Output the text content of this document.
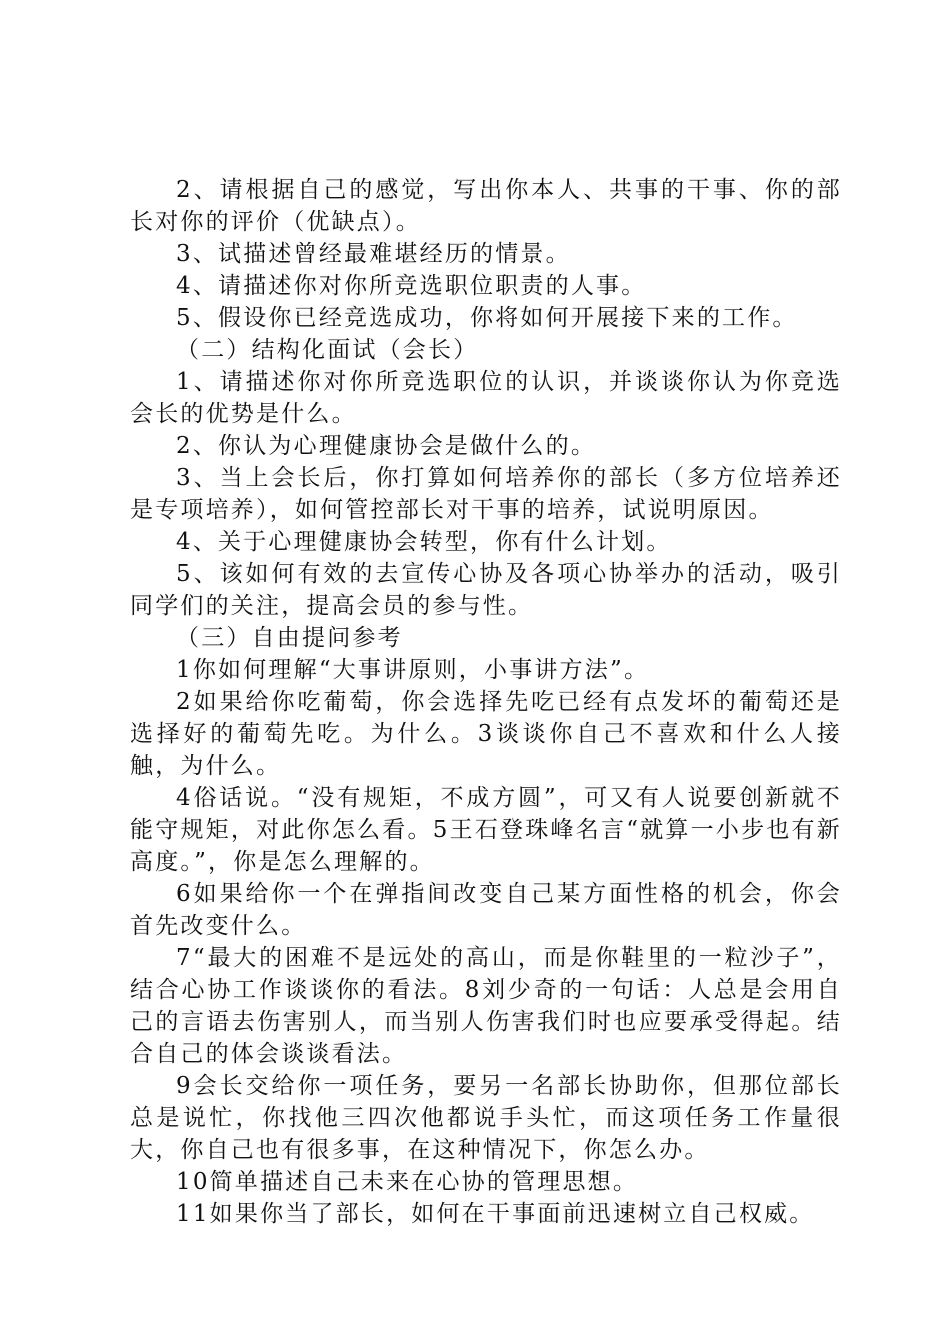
2、请根据自己的感觉，写出你本人、共事的干事、你的部长对你的评价（优缺点）。

3、试描述曾经最难堪经历的情景。

4、请描述你对你所竞选职位职责的人事。

5、假设你已经竞选成功，你将如何开展接下来的工作。

（二）结构化面试（会长）

1、请描述你对你所竞选职位的认识，并谈谈你认为你竞选会长的优势是什么。

2、你认为心理健康协会是做什么的。

3、当上会长后，你打算如何培养你的部长（多方位培养还是专项培养），如何管控部长对干事的培养，试说明原因。

4、关于心理健康协会转型，你有什么计划。

5、该如何有效的去宣传心协及各项心协举办的活动，吸引同学们的关注，提高会员的参与性。

（三）自由提问参考

1你如何理解“大事讲原则，小事讲方法”。

2如果给你吃葡萄，你会选择先吃已经有点发坏的葡萄还是选择好的葡萄先吃。为什么。3谈谈你自己不喜欢和什么人接触，为什么。

4俗话说。“没有规矩，不成方圆”，可又有人说要创新就不能守规矩，对此你怎么看。5王石登珠峰名言“就算一小步也有新高度。”，你是怎么理解的。

6如果给你一个在弹指间改变自己某方面性格的机会，你会首先改变什么。

7“最大的困难不是远处的高山，而是你鞋里的一粒沙子”，结合心协工作谈谈你的看法。8刘少奇的一句话：人总是会用自己的言语去伤害别人，而当别人伤害我们时也应要承受得起。结合自己的体会谈谈看法。

9会长交给你一项任务，要另一名部长协助你，但那位部长总是说忙，你找他三四次他都说手头忙，而这项任务工作量很大，你自己也有很多事，在这种情况下，你怎么办。

10简单描述自己未来在心协的管理思想。

11如果你当了部长，如何在干事面前迅速树立自己权威。
